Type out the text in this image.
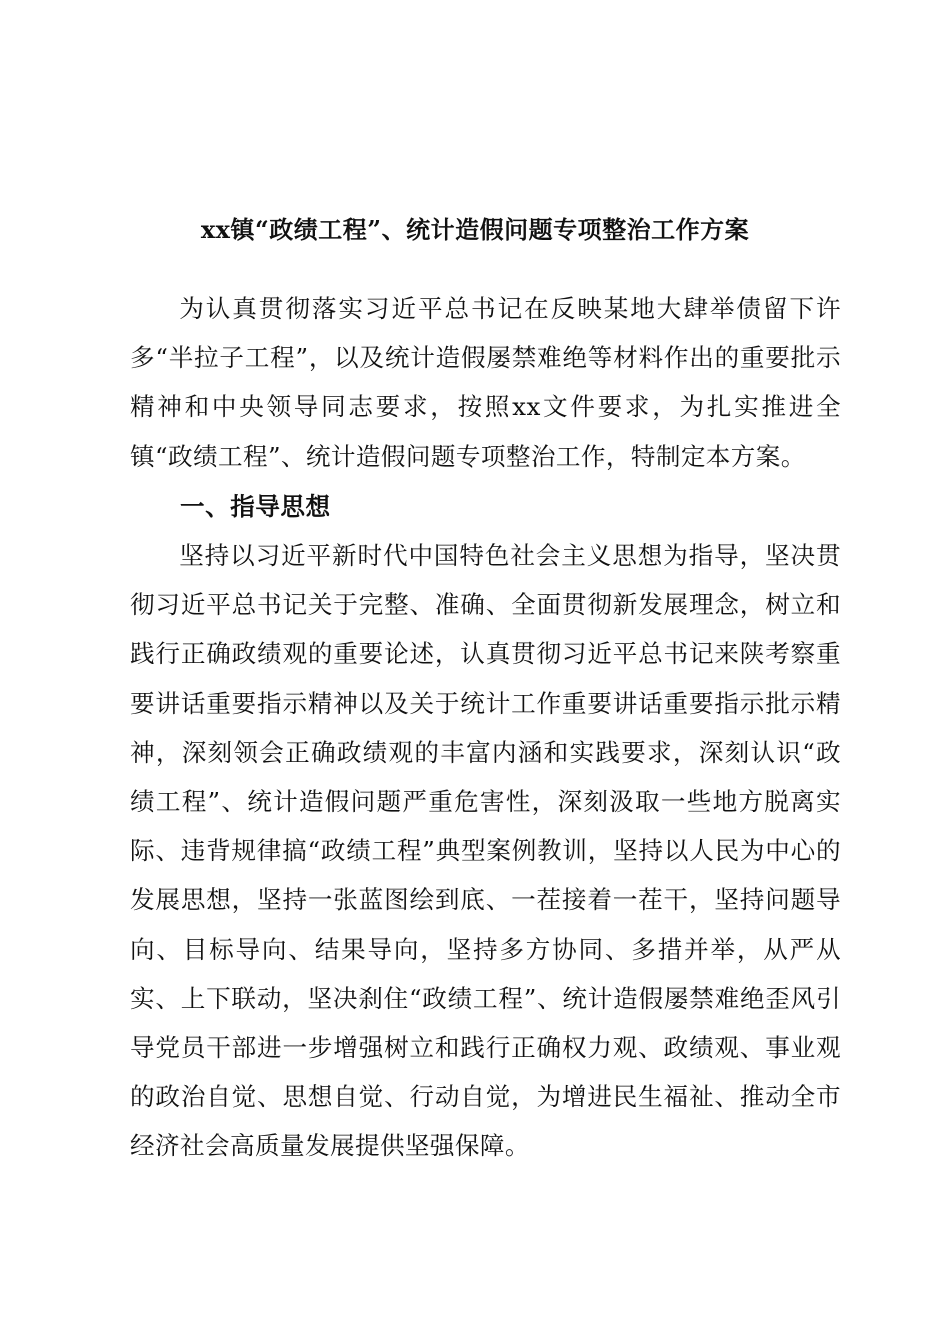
xx镇“政绩工程”、统计造假问题专项整治工作方案

为认真贯彻落实习近平总书记在反映某地大肆举债留下许多“半拉子工程”，以及统计造假屡禁难绝等材料作出的重要批示精神和中央领导同志要求，按照xx文件要求，为扎实推进全镇“政绩工程”、统计造假问题专项整治工作，特制定本方案。

一、指导思想

坚持以习近平新时代中国特色社会主义思想为指导，坚决贯彻习近平总书记关于完整、准确、全面贯彻新发展理念，树立和践行正确政绩观的重要论述，认真贯彻习近平总书记来陕考察重要讲话重要指示精神以及关于统计工作重要讲话重要指示批示精神，深刻领会正确政绩观的丰富内涵和实践要求，深刻认识“政绩工程”、统计造假问题严重危害性，深刻汲取一些地方脱离实际、违背规律搞“政绩工程”典型案例教训，坚持以人民为中心的发展思想，坚持一张蓝图绘到底、一茬接着一茬干，坚持问题导向、目标导向、结果导向，坚持多方协同、多措并举，从严从实、上下联动，坚决刹住“政绩工程”、统计造假屡禁难绝歪风引导党员干部进一步增强树立和践行正确权力观、政绩观、事业观的政治自觉、思想自觉、行动自觉，为增进民生福祉、推动全市经济社会高质量发展提供坚强保障。
